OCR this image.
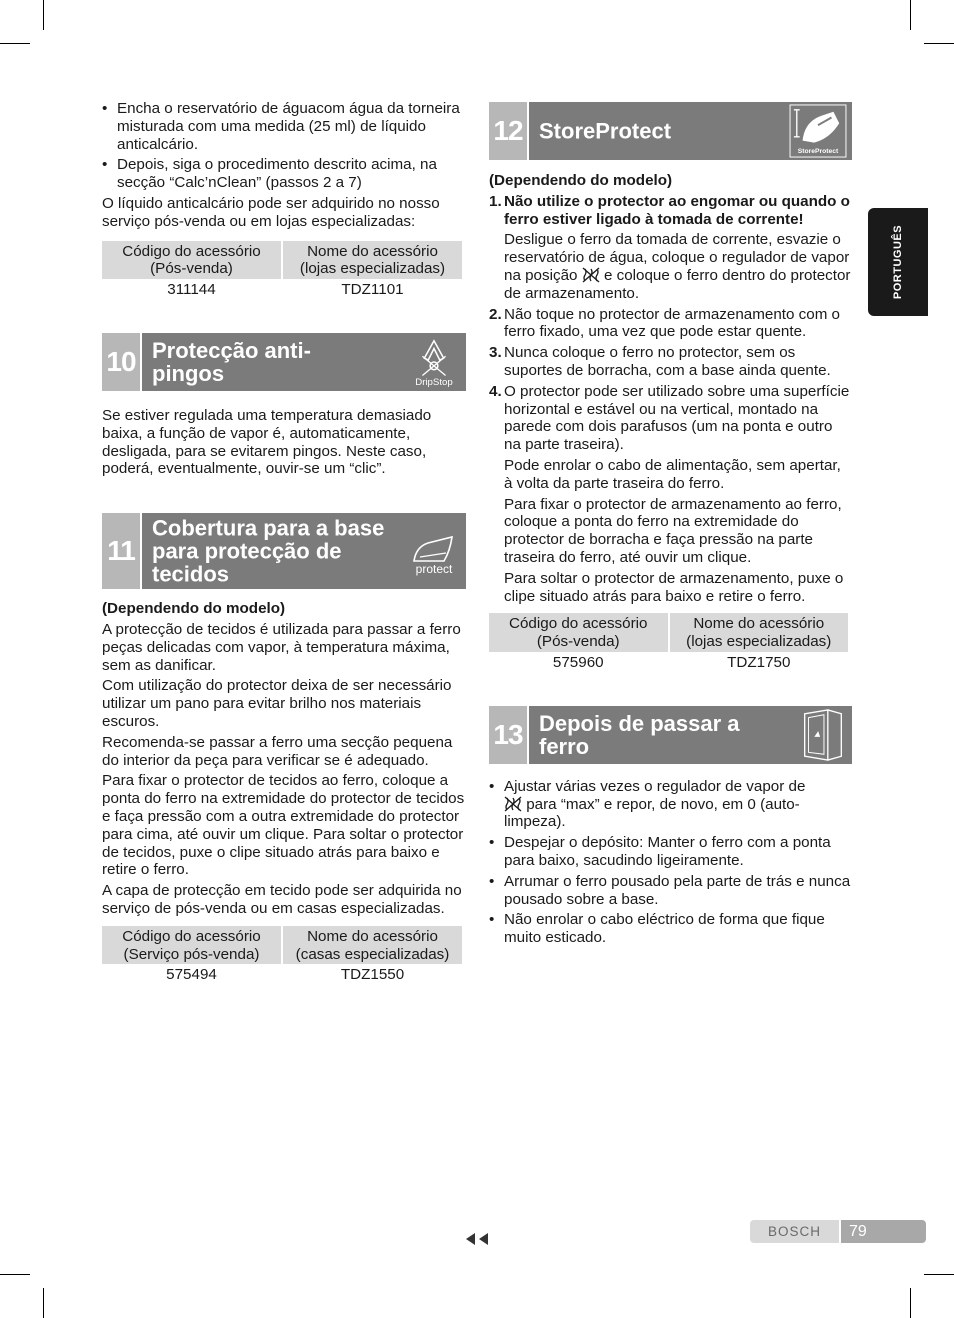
• Encha o reservatório de águacom água da torneira misturada com uma medida (25 ml) de líquido anticalcário.
• Depois, siga o procedimento descrito acima, na secção “Calc’nClean” (passos 2 a 7)

O líquido anticalcário pode ser adquirido no nosso serviço pós-venda ou em lojas especializadas:

Código do acessório (Pós-venda)	Nome do acessório (lojas especializadas)
311144	TDZ1101
10 Protecção anti-pingos	DripStop

Se estiver regulada uma temperatura demasiado baixa, a função de vapor é, automaticamente, desligada, para se evitarem pingos. Neste caso, poderá, eventualmente, ouvir-se um “clic”.

11
Cobertura para a base para protecção de tecidos	protect

(Dependendo do modelo)

A protecção de tecidos é utilizada para passar a ferro peças delicadas com vapor, à temperatura máxima, sem as danificar.

Com utilização do protector deixa de ser necessário utilizar um pano para evitar brilho nos materiais escuros.

Recomenda-se passar a ferro uma secção pequena do interior da peça para verificar se é adequado.

Para fixar o protector de tecidos ao ferro, coloque a ponta do ferro na extremidade do protector de tecidos e faça pressão com a outra extremidade do protector para cima, até ouvir um clique. Para soltar o protector de tecidos, puxe o clipe situado atrás para baixo e retire o ferro.

A capa de protecção em tecido pode ser adquirida no serviço de pós-venda ou em casas especializadas.

Código do acessório (Serviço pós-venda)	Nome do acessório (casas especializadas)
575494	TDZ1550
12 StoreProtect
StoreProtect

(Dependendo do modelo)

1. Não utilize o protector ao engomar ou quando o ferro estiver ligado à tomada de corrente!

Desligue o ferro da tomada de corrente, esvazie o reservatório de água, coloque o regulador de vapor na posição e coloque o ferro dentro do protector de armazenamento.

2. Não toque no protector de armazenamento com o ferro fixado, uma vez que pode estar quente.

3. Nunca coloque o ferro no protector, sem os suportes de borracha, com a base ainda quente.

4. O protector pode ser utilizado sobre uma superfície horizontal e estável ou na vertical, montado na parede com dois parafusos (um na ponta e outro na parte traseira).

Pode enrolar o cabo de alimentação, sem apertar, à volta da parte traseira do ferro.

Para fixar o protector de armazenamento ao ferro, coloque a ponta do ferro na extremidade do protector de borracha e faça pressão na parte traseira do ferro, até ouvir um clique.

Para soltar o protector de armazenamento, puxe o clipe situado atrás para baixo e retire o ferro.

Código do acessório (Pós-venda)	Nome do acessório (lojas especializadas)
575960	TDZ1750
13 Depois de passar a ferro
• Ajustar várias vezes o regulador de vapor de
para “max” e repor, de novo, em 0 (auto-limpeza).
• Despejar o depósito: Manter o ferro com a ponta para baixo, sacudindo ligeiramente.
• Arrumar o ferro pousado pela parte de trás e nunca pousado sobre a base.
• Não enrolar o cabo eléctrico de forma que fique muito esticado.
PORTUGUÊS
BOSCH	79
